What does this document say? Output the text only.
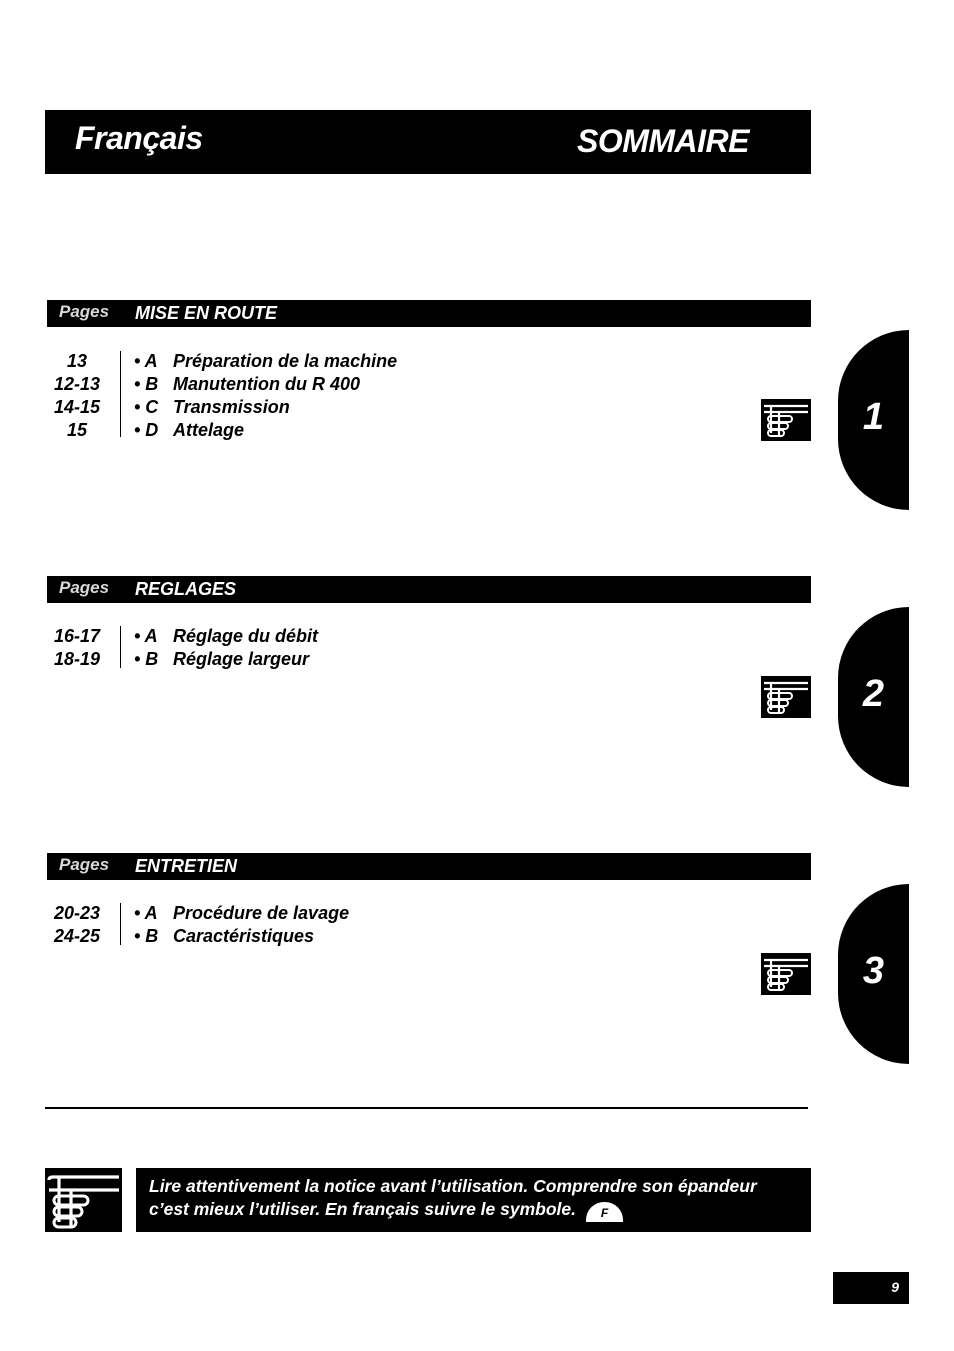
Français	SOMMAIRE
Pages MISE EN ROUTE
13	• A Préparation de la machine
12-13	• B Manutention du R 400
14-15	• C Transmission
15	• D Attelage	1
Pages REGLAGES
16-17	• A Réglage du débit
18-19	• B Réglage largeur
2
Pages ENTRETIEN
20-23	• A Procédure de lavage
24-25	• B Caractéristiques
3
Lire attentivement la notice avant l’utilisation. Comprendre son épandeur
c’est mieux l’utiliser. En français suivre le symbole. F
9
